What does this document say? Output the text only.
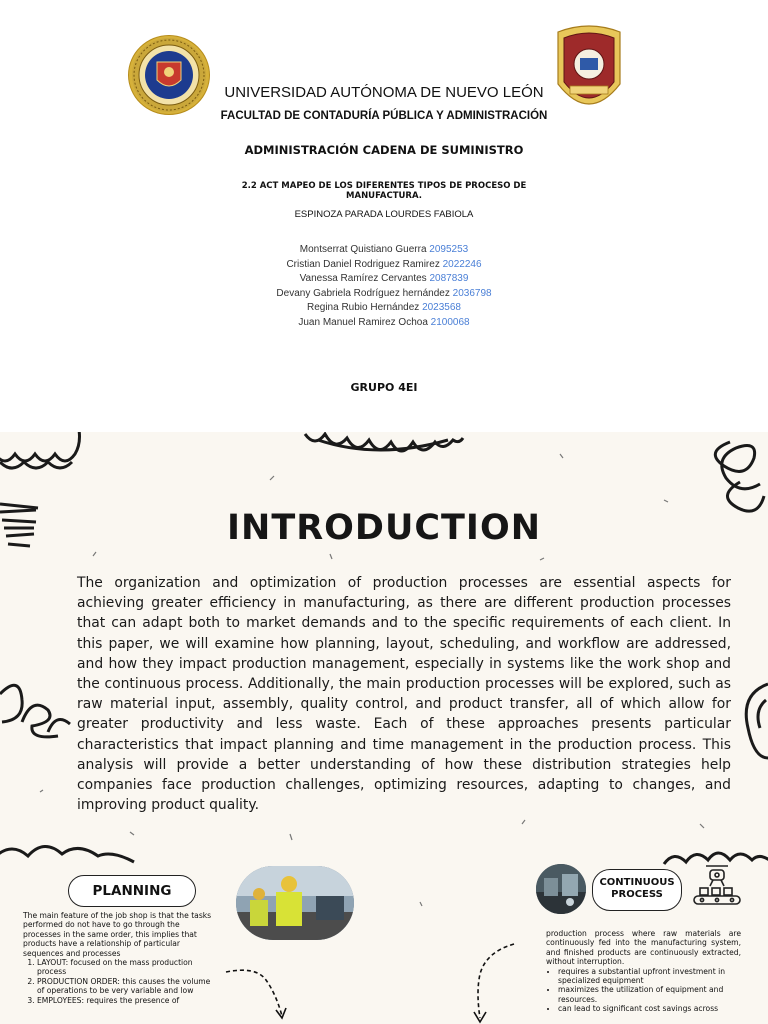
UNIVERSIDAD AUTÓNOMA DE NUEVO LEÓN
FACULTAD DE CONTADURÍA PÚBLICA Y ADMINISTRACIÓN
ADMINISTRACIÓN CADENA DE SUMINISTRO
2.2 ACT MAPEO DE LOS DIFERENTES TIPOS DE PROCESO DE MANUFACTURA.
ESPINOZA PARADA LOURDES FABIOLA
Montserrat Quistiano Guerra 2095253
Cristian Daniel Rodriguez Ramirez 2022246
Vanessa Ramírez Cervantes 2087839
Devany Gabriela Rodríguez hernández 2036798
Regina Rubio Hernández 2023568
Juan Manuel Ramirez Ochoa 2100068
GRUPO 4EI
INTRODUCTION
The organization and optimization of production processes are essential aspects for achieving greater efficiency in manufacturing, as there are different production processes that can adapt both to market demands and to the specific requirements of each client. In this paper, we will examine how planning, layout, scheduling, and workflow are addressed, and how they impact production management, especially in systems like the work shop and the continuous process. Additionally, the main production processes will be explored, such as raw material input, assembly, quality control, and product transfer, all of which allow for greater productivity and less waste. Each of these approaches presents particular characteristics that impact planning and time management in the production process. This analysis will provide a better understanding of how these distribution strategies help companies face production challenges, optimizing resources, adapting to changes, and improving product quality.
PLANNING
The main feature of the job shop is that the tasks performed do not have to go through the processes in the same order, this implies that products have a relationship of particular sequences and processes
1. LAYOUT: focused on the mass production process
2. PRODUCTION ORDER: this causes the volume of operations to be very variable and low
3. EMPLOYEES: requires the presence of
CONTINUOUS
PROCESS
production process where raw materials are continuously fed into the manufacturing system, and finished products are continuously extracted, without interruption.
• requires a substantial upfront investment in specialized equipment
• maximizes the utilization of equipment and resources.
• can lead to significant cost savings across
